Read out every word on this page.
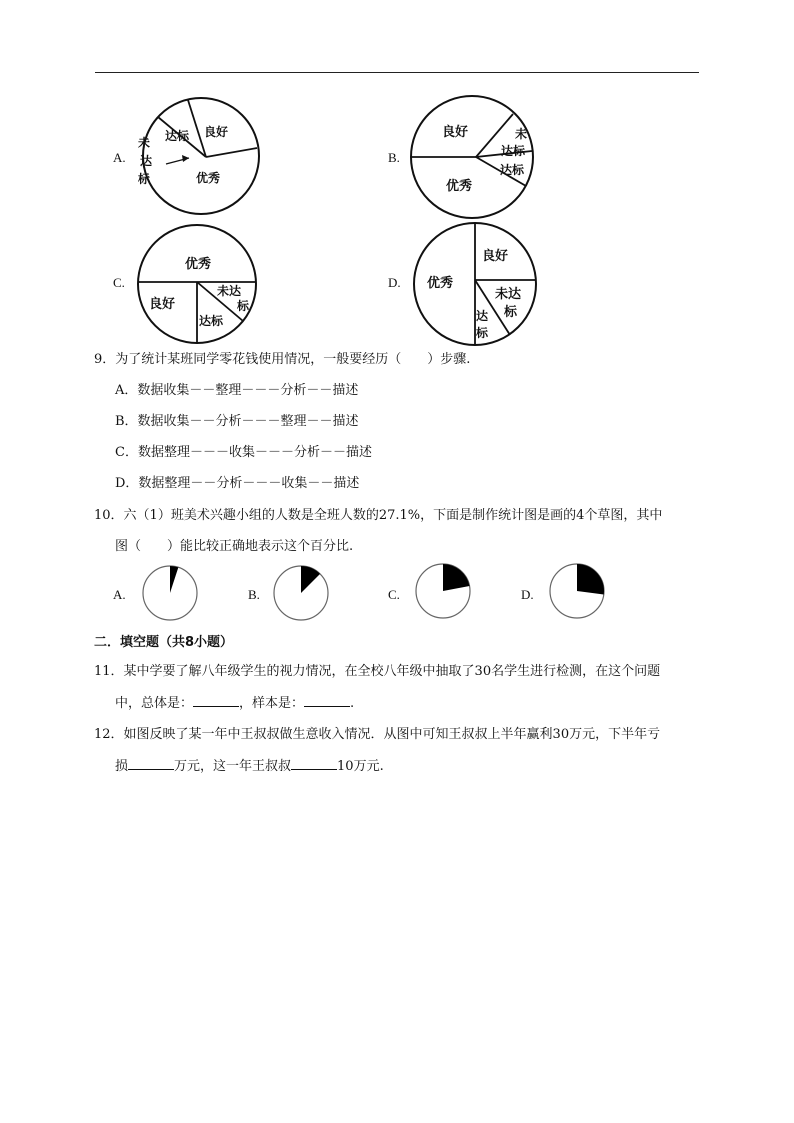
A.
良好
达标
未
达
标	优秀
B.
良好	未
达标
达标
优秀
C.
优秀
良好
未达
标
达标
D. 优秀
良好
未达
标
达
标
9．为了统计某班同学零花钱使用情况，一般要经历（　　）步骤.
A．数据收集－－整理－－－分析－－描述
B．数据收集－－分析－－－整理－－描述
C．数据整理－－－收集－－－分析－－描述
D．数据整理－－分析－－－收集－－描述
10．六（1）班美术兴趣小组的人数是全班人数的27.1%，下面是制作统计图是画的4个草图，其中
图（　　）能比较正确地表示这个百分比.
A.	B.	C.	D.
二．填空题（共8小题）
11．某中学要了解八年级学生的视力情况，在全校八年级中抽取了30名学生进行检测，在这个问题
中，总体是：	，样本是：	.
12．如图反映了某一年中王叔叔做生意收入情况．从图中可知王叔叔上半年赢利30万元，下半年亏
损	万元，这一年王叔叔	10万元.
